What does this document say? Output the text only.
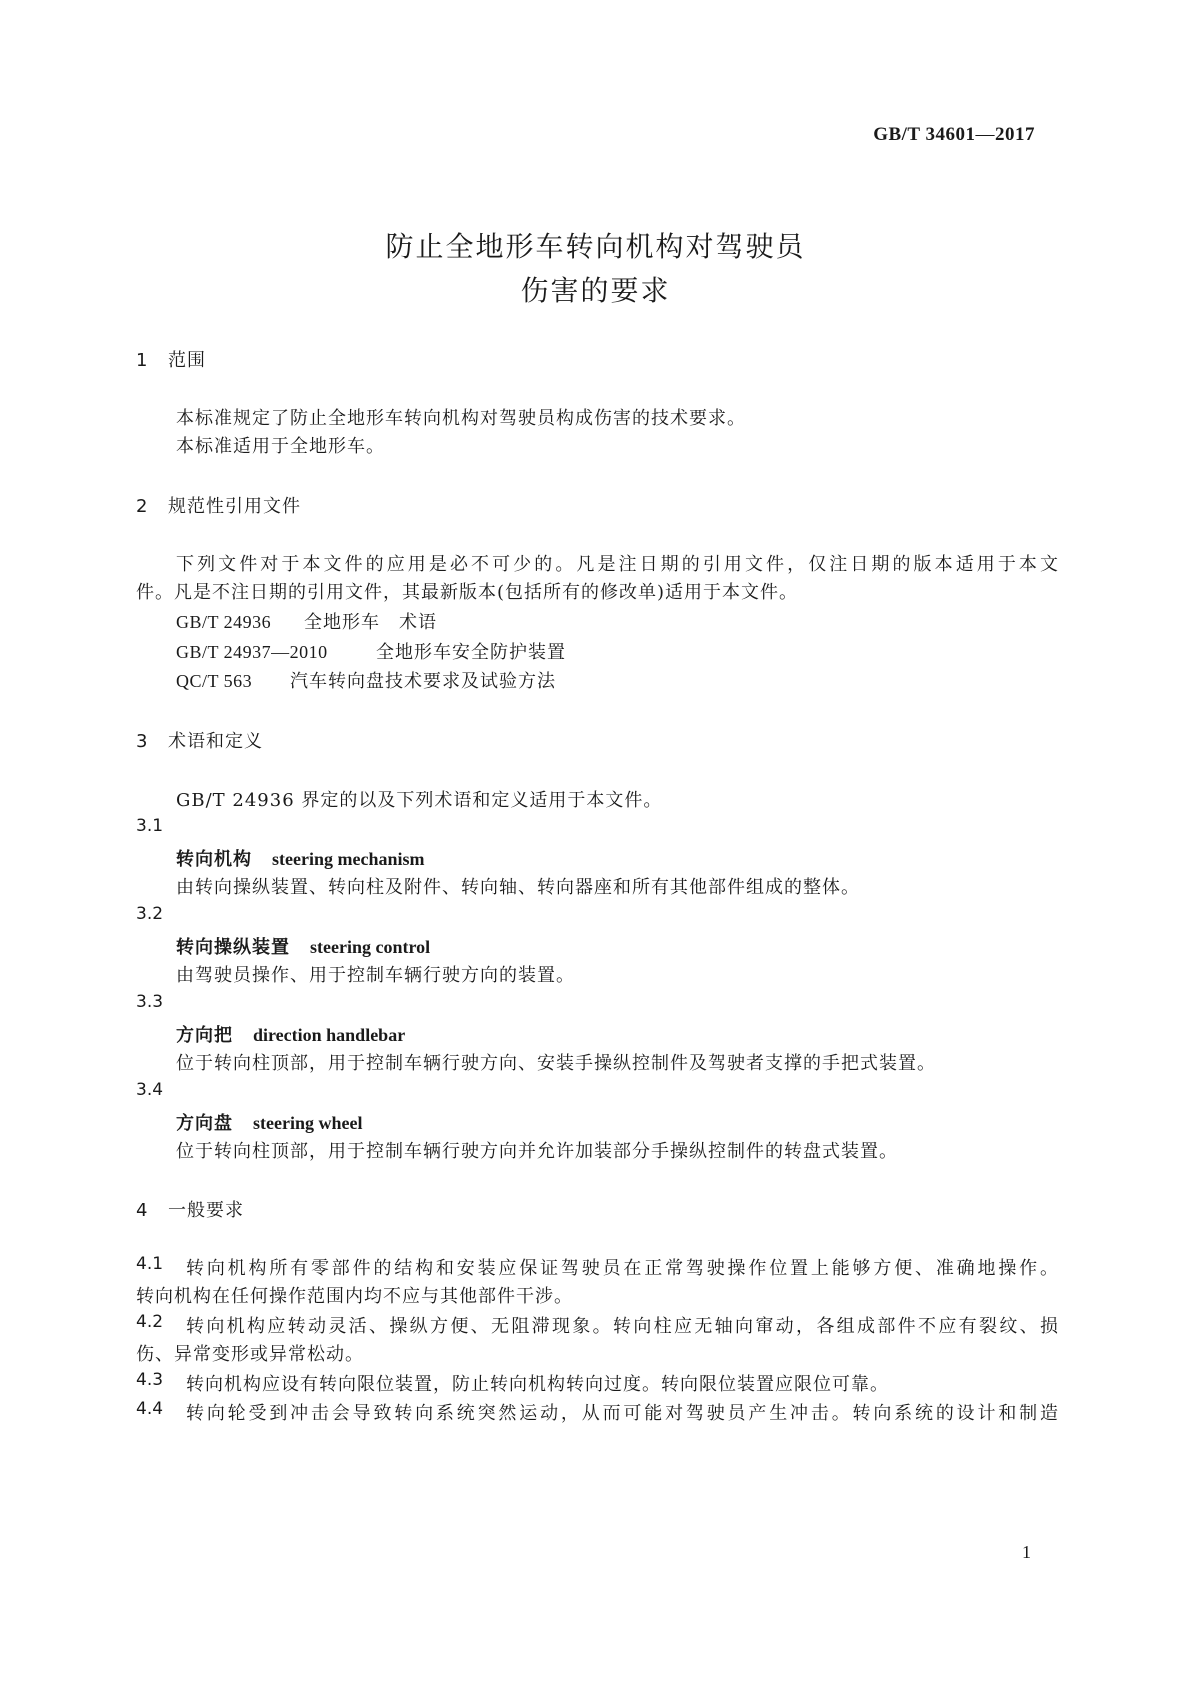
GB/T 34601—2017
防止全地形车转向机构对驾驶员
伤害的要求
1 范围
本标准规定了防止全地形车转向机构对驾驶员构成伤害的技术要求。
本标准适用于全地形车。
2 规范性引用文件
下列文件对于本文件的应用是必不可少的。凡是注日期的引用文件，仅注日期的版本适用于本文
件。凡是不注日期的引用文件，其最新版本(包括所有的修改单)适用于本文件。
GB/T 24936 全地形车　术语
GB/T 24937—2010	全地形车安全防护装置
QC/T 563 汽车转向盘技术要求及试验方法
3 术语和定义
GB/T 24936 界定的以及下列术语和定义适用于本文件。
3.1
转向机构 steering mechanism
由转向操纵装置、转向柱及附件、转向轴、转向器座和所有其他部件组成的整体。
3.2
转向操纵装置 steering control
由驾驶员操作、用于控制车辆行驶方向的装置。
3.3
方向把 direction handlebar
位于转向柱顶部，用于控制车辆行驶方向、安装手操纵控制件及驾驶者支撑的手把式装置。
3.4
方向盘 steering wheel
位于转向柱顶部，用于控制车辆行驶方向并允许加装部分手操纵控制件的转盘式装置。
4 一般要求
4.1 转向机构所有零部件的结构和安装应保证驾驶员在正常驾驶操作位置上能够方便、准确地操作。
转向机构在任何操作范围内均不应与其他部件干涉。
4.2 转向机构应转动灵活、操纵方便、无阻滞现象。转向柱应无轴向窜动，各组成部件不应有裂纹、损
伤、异常变形或异常松动。
4.3 转向机构应设有转向限位装置，防止转向机构转向过度。转向限位装置应限位可靠。
4.4 转向轮受到冲击会导致转向系统突然运动，从而可能对驾驶员产生冲击。转向系统的设计和制造
1
